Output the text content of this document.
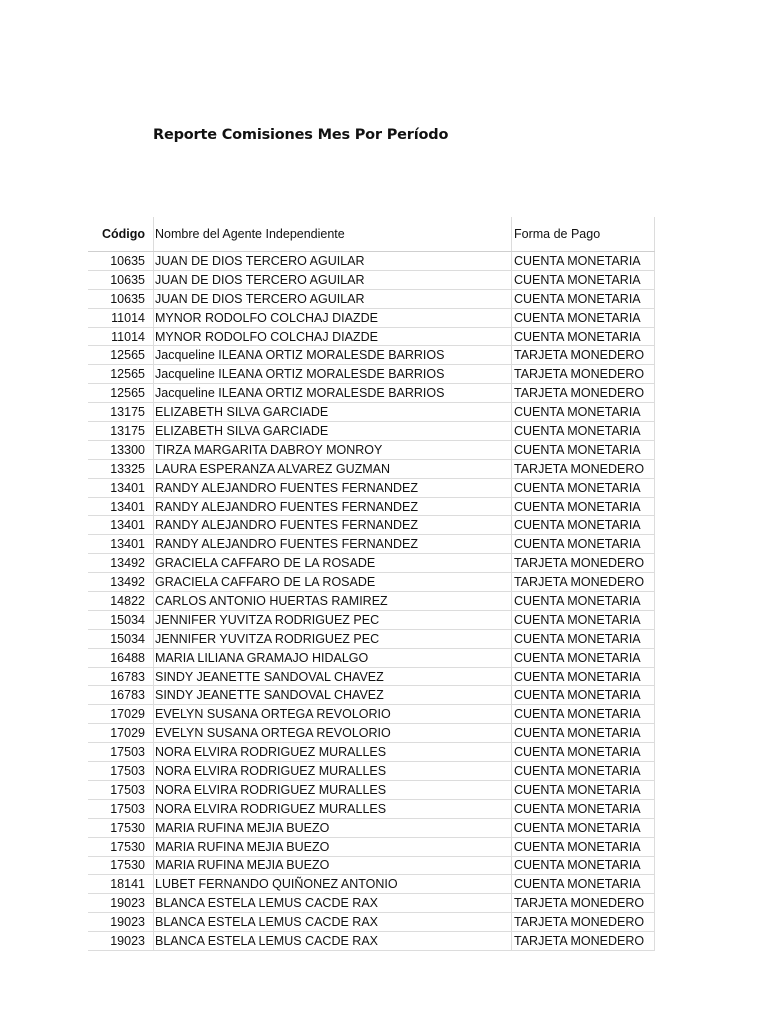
Reporte Comisiones Mes Por Período
Código Nombre del Agente Independiente	Forma de Pago
10635 JUAN DE DIOS TERCERO AGUILAR	CUENTA MONETARIA
10635 JUAN DE DIOS TERCERO AGUILAR	CUENTA MONETARIA
10635 JUAN DE DIOS TERCERO AGUILAR	CUENTA MONETARIA
11014 MYNOR RODOLFO COLCHAJ DIAZDE	CUENTA MONETARIA
11014 MYNOR RODOLFO COLCHAJ DIAZDE	CUENTA MONETARIA
12565 Jacqueline ILEANA ORTIZ MORALESDE BARRIOS	TARJETA MONEDERO
12565 Jacqueline ILEANA ORTIZ MORALESDE BARRIOS	TARJETA MONEDERO
12565 Jacqueline ILEANA ORTIZ MORALESDE BARRIOS	TARJETA MONEDERO
13175 ELIZABETH SILVA GARCIADE	CUENTA MONETARIA
13175 ELIZABETH SILVA GARCIADE	CUENTA MONETARIA
13300 TIRZA MARGARITA DABROY MONROY	CUENTA MONETARIA
13325 LAURA ESPERANZA ALVAREZ GUZMAN	TARJETA MONEDERO
13401 RANDY ALEJANDRO FUENTES FERNANDEZ	CUENTA MONETARIA
13401 RANDY ALEJANDRO FUENTES FERNANDEZ	CUENTA MONETARIA
13401 RANDY ALEJANDRO FUENTES FERNANDEZ	CUENTA MONETARIA
13401 RANDY ALEJANDRO FUENTES FERNANDEZ	CUENTA MONETARIA
13492 GRACIELA CAFFARO DE LA ROSADE	TARJETA MONEDERO
13492 GRACIELA CAFFARO DE LA ROSADE	TARJETA MONEDERO
14822 CARLOS ANTONIO HUERTAS RAMIREZ	CUENTA MONETARIA
15034 JENNIFER YUVITZA RODRIGUEZ PEC	CUENTA MONETARIA
15034 JENNIFER YUVITZA RODRIGUEZ PEC	CUENTA MONETARIA
16488 MARIA LILIANA GRAMAJO HIDALGO	CUENTA MONETARIA
16783 SINDY JEANETTE SANDOVAL CHAVEZ	CUENTA MONETARIA
16783 SINDY JEANETTE SANDOVAL CHAVEZ	CUENTA MONETARIA
17029 EVELYN SUSANA ORTEGA REVOLORIO	CUENTA MONETARIA
17029 EVELYN SUSANA ORTEGA REVOLORIO	CUENTA MONETARIA
17503 NORA ELVIRA RODRIGUEZ MURALLES	CUENTA MONETARIA
17503 NORA ELVIRA RODRIGUEZ MURALLES	CUENTA MONETARIA
17503 NORA ELVIRA RODRIGUEZ MURALLES	CUENTA MONETARIA
17503 NORA ELVIRA RODRIGUEZ MURALLES	CUENTA MONETARIA
17530 MARIA RUFINA MEJIA BUEZO	CUENTA MONETARIA
17530 MARIA RUFINA MEJIA BUEZO	CUENTA MONETARIA
17530 MARIA RUFINA MEJIA BUEZO	CUENTA MONETARIA
18141 LUBET FERNANDO QUIÑONEZ ANTONIO	CUENTA MONETARIA
19023 BLANCA ESTELA LEMUS CACDE RAX	TARJETA MONEDERO
19023 BLANCA ESTELA LEMUS CACDE RAX	TARJETA MONEDERO
19023 BLANCA ESTELA LEMUS CACDE RAX	TARJETA MONEDERO
